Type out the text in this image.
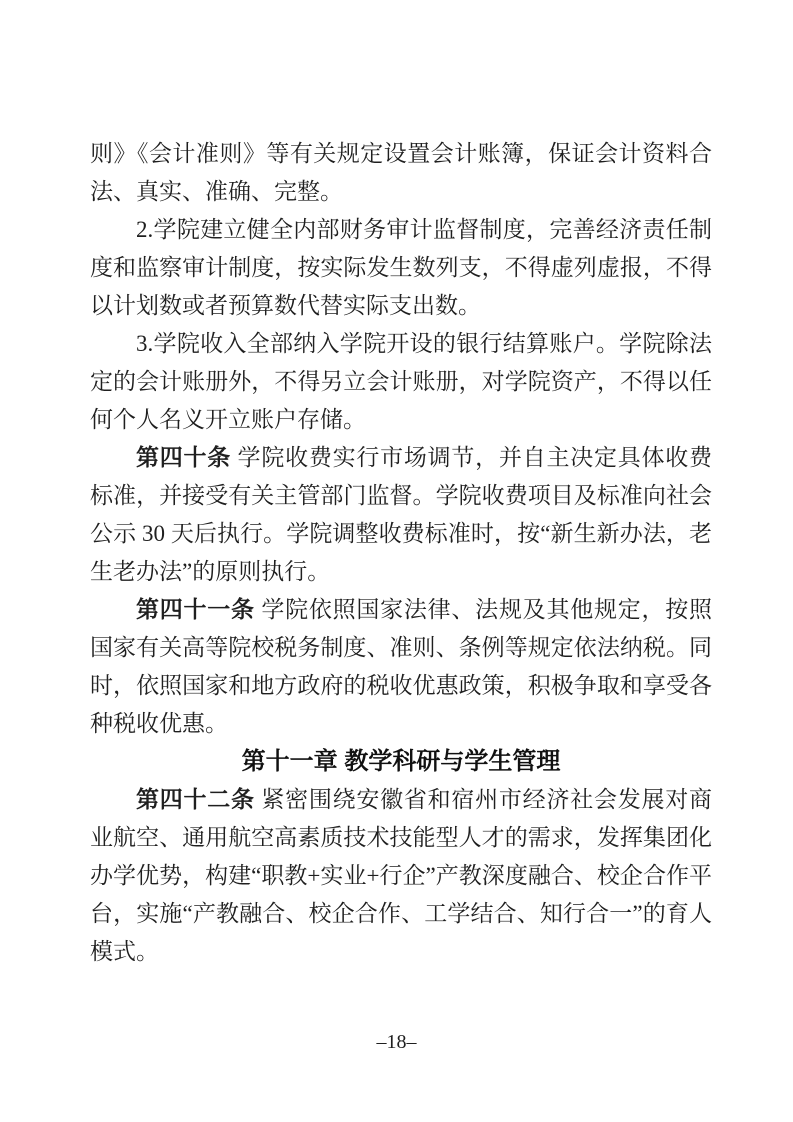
则》《会计准则》等有关规定设置会计账簿，保证会计资料合法、真实、准确、完整。

2.学院建立健全内部财务审计监督制度，完善经济责任制度和监察审计制度，按实际发生数列支，不得虚列虚报，不得以计划数或者预算数代替实际支出数。

3.学院收入全部纳入学院开设的银行结算账户。学院除法定的会计账册外，不得另立会计账册，对学院资产，不得以任何个人名义开立账户存储。

第四十条 学院收费实行市场调节，并自主决定具体收费标准，并接受有关主管部门监督。学院收费项目及标准向社会公示 30 天后执行。学院调整收费标准时，按“新生新办法，老生老办法”的原则执行。

第四十一条 学院依照国家法律、法规及其他规定，按照国家有关高等院校税务制度、准则、条例等规定依法纳税。同时，依照国家和地方政府的税收优惠政策，积极争取和享受各种税收优惠。

第十一章 教学科研与学生管理

第四十二条 紧密围绕安徽省和宿州市经济社会发展对商业航空、通用航空高素质技术技能型人才的需求，发挥集团化办学优势，构建“职教+实业+行企”产教深度融合、校企合作平台，实施“产教融合、校企合作、工学结合、知行合一”的育人模式。

–18–
